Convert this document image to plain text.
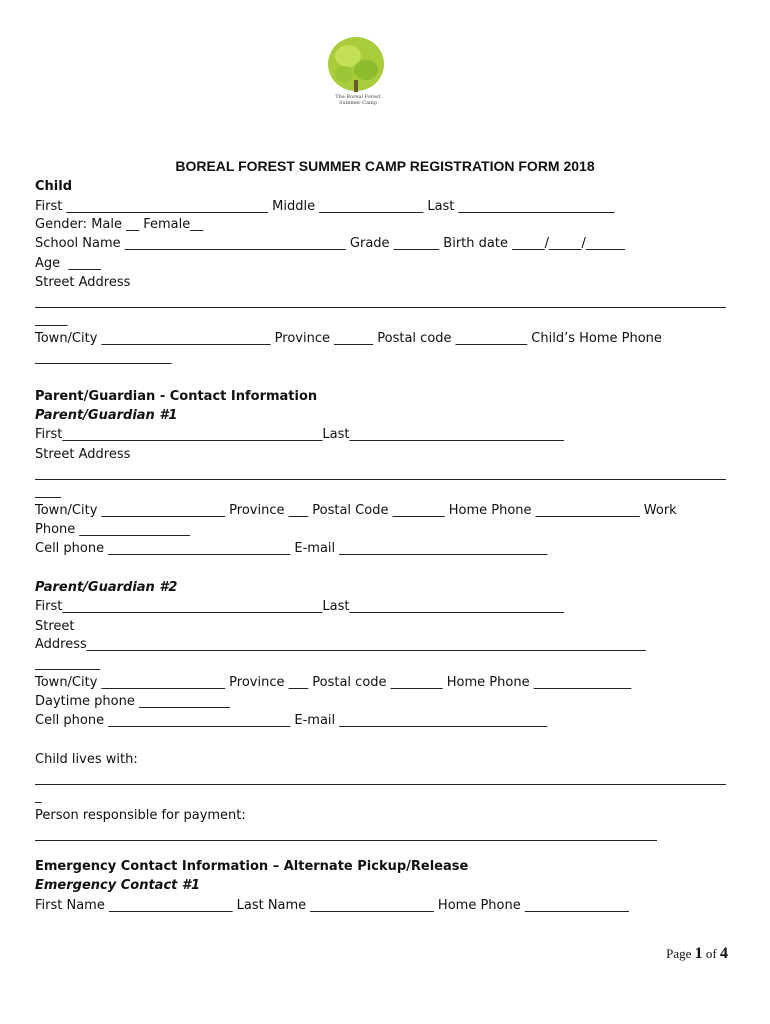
The Boreal Forest Summer Camp
BOREAL FOREST SUMMER CAMP REGISTRATION FORM 2018
Child
First _______________________________ Middle ________________ Last ________________________
Gender: Male __ Female__
School Name __________________________________ Grade _______ Birth date _____/_____/______
Age  _____
Street Address
_____
Town/City __________________________ Province ______ Postal code ___________ Child’s Home Phone
_____________________
Parent/Guardian - Contact Information
Parent/Guardian #1
First________________________________________Last_________________________________
Street Address
____
Town/City ___________________ Province ___ Postal Code ________ Home Phone ________________ Work
Phone _________________
Cell phone ____________________________ E-mail ________________________________
Parent/Guardian #2
First________________________________________Last_________________________________
Street
Address______________________________________________________________________________________
__________
Town/City ___________________ Province ___ Postal code ________ Home Phone _______________
Daytime phone ______________
Cell phone ____________________________ E-mail ________________________________
Child lives with:
_
Person responsible for payment:
Emergency Contact Information – Alternate Pickup/Release
Emergency Contact #1
First Name ___________________ Last Name ___________________ Home Phone ________________
Page 1 of 4
